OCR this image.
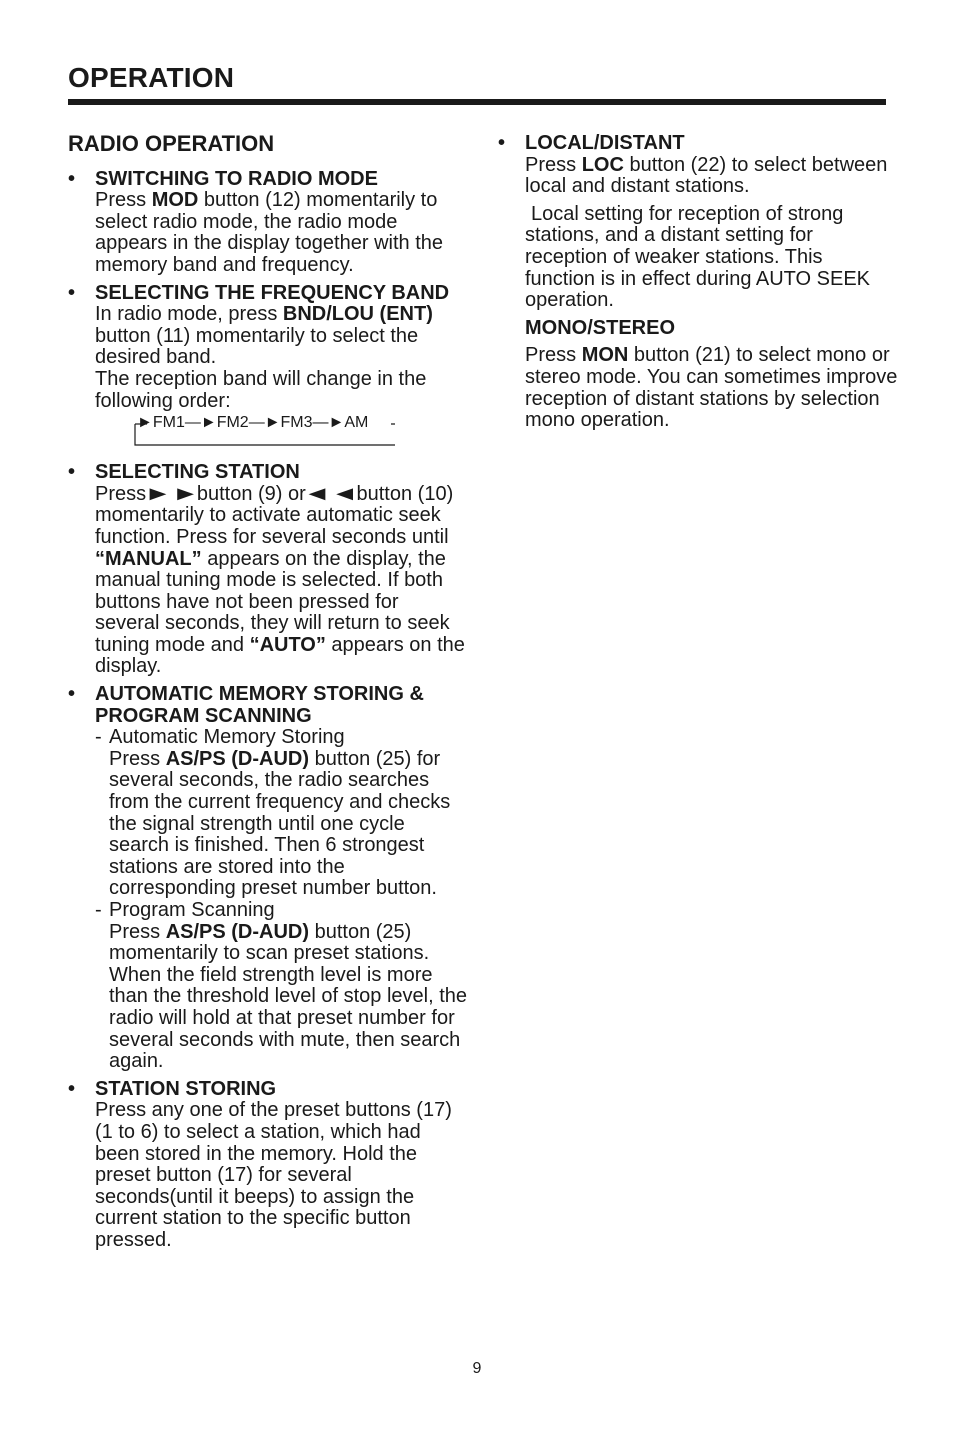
OPERATION
RADIO OPERATION
• SWITCHING TO RADIO MODE
Press MOD button (12) momentarily to select radio mode, the radio mode appears in the display together with the memory band and frequency.
• SELECTING THE FREQUENCY BAND
In radio mode, press BND/LOU (ENT) button (11) momentarily to select the desired band.
The reception band will change in the following order:
►FM1—►FM2—►FM3—►AM
• SELECTING STATION
Press ►► button (9) or ◄◄ button (10) momentarily to activate automatic seek function. Press for several seconds until “MANUAL” appears on the display, the manual tuning mode is selected. If both buttons have not been pressed for several seconds, they will return to seek tuning mode and “AUTO” appears on the display.
• AUTOMATIC MEMORY STORING & PROGRAM SCANNING
- Automatic Memory Storing
Press AS/PS (D-AUD) button (25) for several seconds, the radio searches from the current frequency and checks the signal strength until one cycle search is finished. Then 6 strongest stations are stored into the corresponding preset number button.
- Program Scanning
Press AS/PS (D-AUD) button (25) momentarily to scan preset stations. When the field strength level is more than the threshold level of stop level, the radio will hold at that preset number for several seconds with mute, then search again.
• STATION STORING
Press any one of the preset buttons (17) (1 to 6) to select a station, which had been stored in the memory. Hold the preset button (17) for several seconds(until it beeps) to assign the current station to the specific button pressed.
• LOCAL/DISTANT
Press LOC button (22) to select between local and distant stations.
Local setting for reception of strong stations, and a distant setting for reception of weaker stations. This function is in effect during AUTO SEEK operation.
MONO/STEREO
Press MON button (21) to select mono or stereo mode. You can sometimes improve reception of distant stations by selection mono operation.
9
